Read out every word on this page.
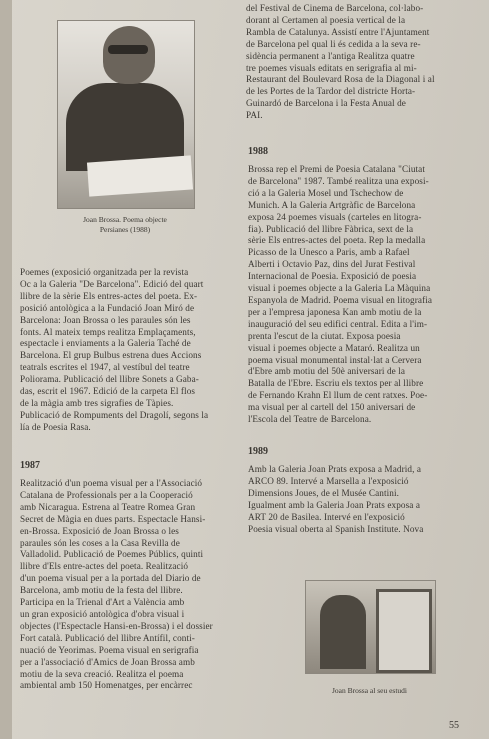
Joan Brossa. Poema objecte
Persianes (1988)

Poemes (exposició organitzada per la revista
Oc a la Galeria "De Barcelona". Edició del quart
llibre de la sèrie Els entres-actes del poeta. Ex-
posició antològica a la Fundació Joan Miró de
Barcelona: Joan Brossa o les paraules són les
fonts. Al mateix temps realitza Emplaçaments,
espectacle i enviaments a la Galeria Taché de
Barcelona. El grup Bulbus estrena dues Accions
teatrals escrites el 1947, al vestíbul del teatre
Poliorama. Publicació del llibre Sonets a Gaba-
das, escrit el 1967. Edició de la carpeta El flos
de la màgia amb tres sigrafies de Tàpies.
Publicació de Rompuments del Dragolí, segons la
lía de Poesia Rasa.

1987

Realització d'un poema visual per a l'Associació
Catalana de Professionals per a la Cooperació
amb Nicaragua. Estrena al Teatre Romea Gran
Secret de Màgia en dues parts. Espectacle Hansi-
en-Brossa. Exposició de Joan Brossa o les
paraules són les coses a la Casa Revilla de
Valladolid. Publicació de Poemes Públics, quinti
llibre d'Els entre-actes del poeta. Realització
d'un poema visual per a la portada del Diario de
Barcelona, amb motiu de la festa del llibre.
Participa en la Trienal d'Art a València amb
un gran exposició antològica d'obra visual i
objectes (l'Espectacle Hansi-en-Brossa) i el dossier
Fort català. Publicació del llibre Antífil, conti-
nuació de Yeorimas. Poema visual en serigrafia
per a l'associació d'Amics de Joan Brossa amb
motiu de la seva creació. Realitza el poema
ambiental amb 150 Homenatges, per encàrrec

del Festival de Cinema de Barcelona, col·labo-
dorant al Certamen al poesia vertical de la
Rambla de Catalunya. Assistí entre l'Ajuntament
de Barcelona pel qual li és cedida a la seva re-
sidència permanent a l'antiga Realitza quatre
tre poemes visuals editats en serigrafia al mi-
Restaurant del Boulevard Rosa de la Diagonal i al
de les Portes de la Tardor del districte Horta-
Guinardó de Barcelona i la Festa Anual de
PAI.

1988

Brossa rep el Premi de Poesia Catalana "Ciutat
de Barcelona" 1987. També realitza una exposi-
ció a la Galeria Mosel und Tschechow de
Munich. A la Galeria Artgràfic de Barcelona
exposa 24 poemes visuals (carteles en litogra-
fia). Publicació del llibre Fàbrica, sext de la
sèrie Els entres-actes del poeta. Rep la medalla
Picasso de la Unesco a Paris, amb a Rafael
Alberti i Octavio Paz, dins del Jurat Festival
Internacional de Poesia. Exposició de poesia
visual i poemes objecte a la Galeria La Màquina
Espanyola de Madrid. Poema visual en litografia
per a l'empresa japonesa Kan amb motiu de la
inauguració del seu edifici central. Edita a l'im-
prenta l'escut de la ciutat. Exposa poesia
visual i poemes objecte a Mataró. Realitza un
poema visual monumental instal·lat a Cervera
d'Ebre amb motiu del 50è aniversari de la
Batalla de l'Ebre. Escriu els textos per al llibre
de Fernando Krahn El llum de cent ratxes. Poe-
ma visual per al cartell del 150 aniversari de
l'Escola del Teatre de Barcelona.

1989

Amb la Galeria Joan Prats exposa a Madrid, a
ARCO 89. Intervé a Marsella a l'exposició
Dimensions Joues, de el Musée Cantini.
Igualment amb la Galeria Joan Prats exposa a
ART 20 de Basilea. Intervé en l'exposició
Poesia visual oberta al Spanish Institute. Nova

Joan Brossa al seu estudi

55
